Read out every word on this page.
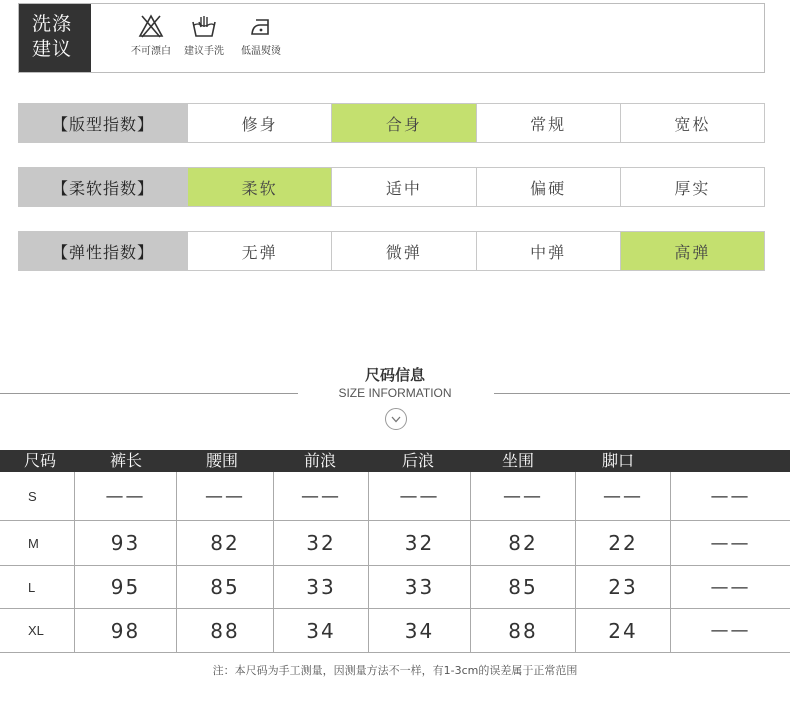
洗涤
建议	不可漂白 建议手洗 低温熨烫
【版型指数】	修身	合身	常规	宽松
【柔软指数】	柔软	适中	偏硬	厚实
【弹性指数】	无弹	微弹	中弹	高弹
尺码信息
SIZE INFORMATION
尺码	裤长	腰围	前浪	后浪	坐围	脚口
S	——	——	——	——	——	——	——
M	93	82	32	32	82	22	——
L	95	85	33	33	85	23	——
XL	98	88	34	34	88	24	——
注：本尺码为手工测量，因测量方法不一样，有1-3cm的误差属于正常范围
